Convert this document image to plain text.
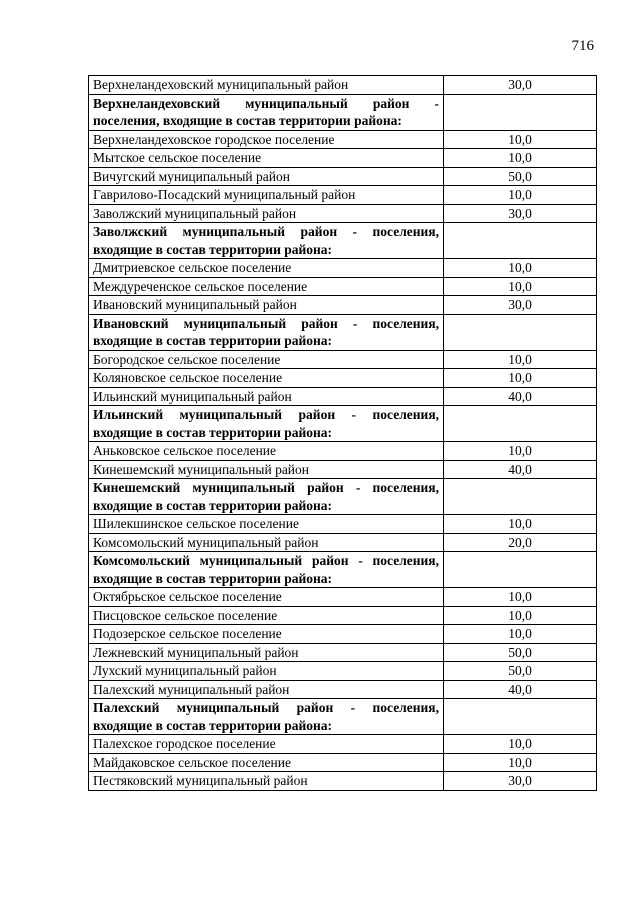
716
Верхнеландеховский муниципальный район	30,0
Верхнеландеховский муниципальный район - поселения, входящие в состав территории района:	
Верхнеландеховское городское поселение	10,0
Мытское сельское поселение	10,0
Вичугский муниципальный район	50,0
Гаврилово-Посадский муниципальный район	10,0
Заволжский муниципальный район	30,0
Заволжский муниципальный район - поселения, входящие в состав территории района:	
Дмитриевское сельское поселение	10,0
Междуреченское сельское поселение	10,0
Ивановский муниципальный район	30,0
Ивановский муниципальный район - поселения, входящие в состав территории района:	
Богородское сельское поселение	10,0
Коляновское сельское поселение	10,0
Ильинский муниципальный район	40,0
Ильинский муниципальный район - поселения, входящие в состав территории района:	
Аньковское сельское поселение	10,0
Кинешемский муниципальный район	40,0
Кинешемский муниципальный район - поселения, входящие в состав территории района:	
Шилекшинское сельское поселение	10,0
Комсомольский муниципальный район	20,0
Комсомольский муниципальный район - поселения, входящие в состав территории района:	
Октябрьское сельское поселение	10,0
Писцовское сельское поселение	10,0
Подозерское сельское поселение	10,0
Лежневский муниципальный район	50,0
Лухский муниципальный район	50,0
Палехский муниципальный район	40,0
Палехский муниципальный район - поселения, входящие в состав территории района:	
Палехское городское поселение	10,0
Майдаковское сельское поселение	10,0
Пестяковский муниципальный район	30,0
